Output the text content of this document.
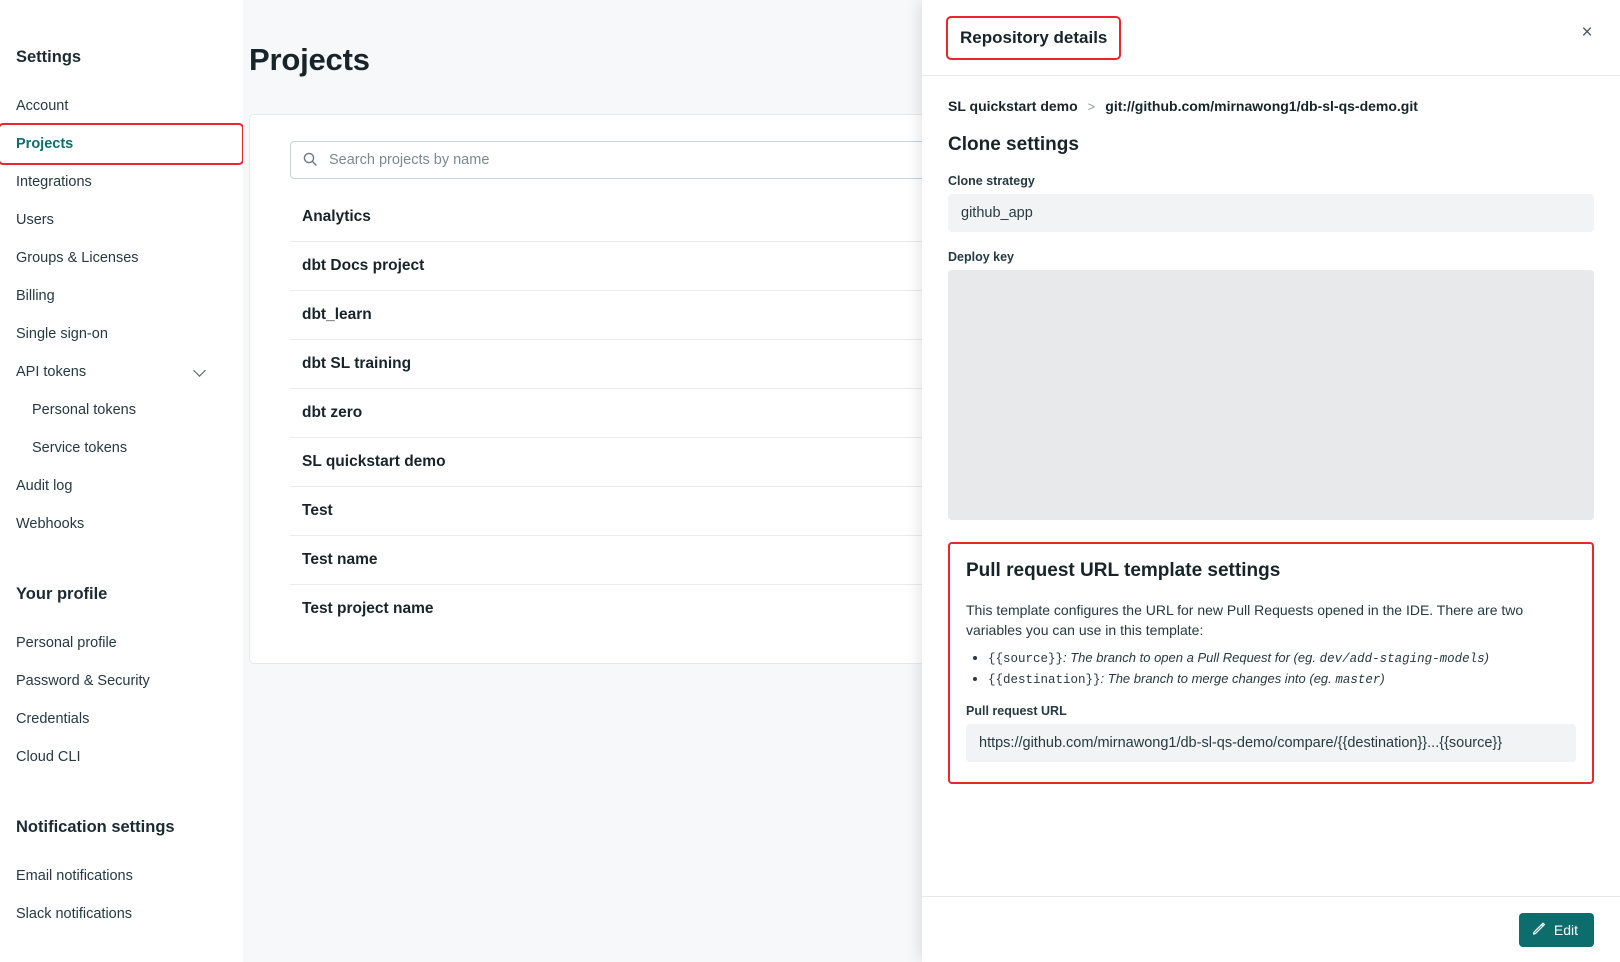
Settings
Account
Projects
Integrations
Users
Groups & Licenses
Billing
Single sign-on
API tokens
Personal tokens
Service tokens
Audit log
Webhooks
Your profile
Personal profile
Password & Security
Credentials
Cloud CLI
Notification settings
Email notifications
Slack notifications
Projects
Search projects by name
Analytics
dbt Docs project
dbt_learn
dbt SL training
dbt zero
SL quickstart demo
Test
Test name
Test project name
Repository details	×
SL quickstart demo > git://github.com/mirnawong1/db-sl-qs-demo.git
Clone settings
Clone strategy
github_app
Deploy key
Pull request URL template settings

This template configures the URL for new Pull Requests opened in the IDE. There are two variables you can use in this template:

• {{source}}: The branch to open a Pull Request for (eg. dev/add-staging-models)
• {{destination}}: The branch to merge changes into (eg. master)
Pull request URL
https://github.com/mirnawong1/db-sl-qs-demo/compare/{{destination}}...{{source}}
Edit
